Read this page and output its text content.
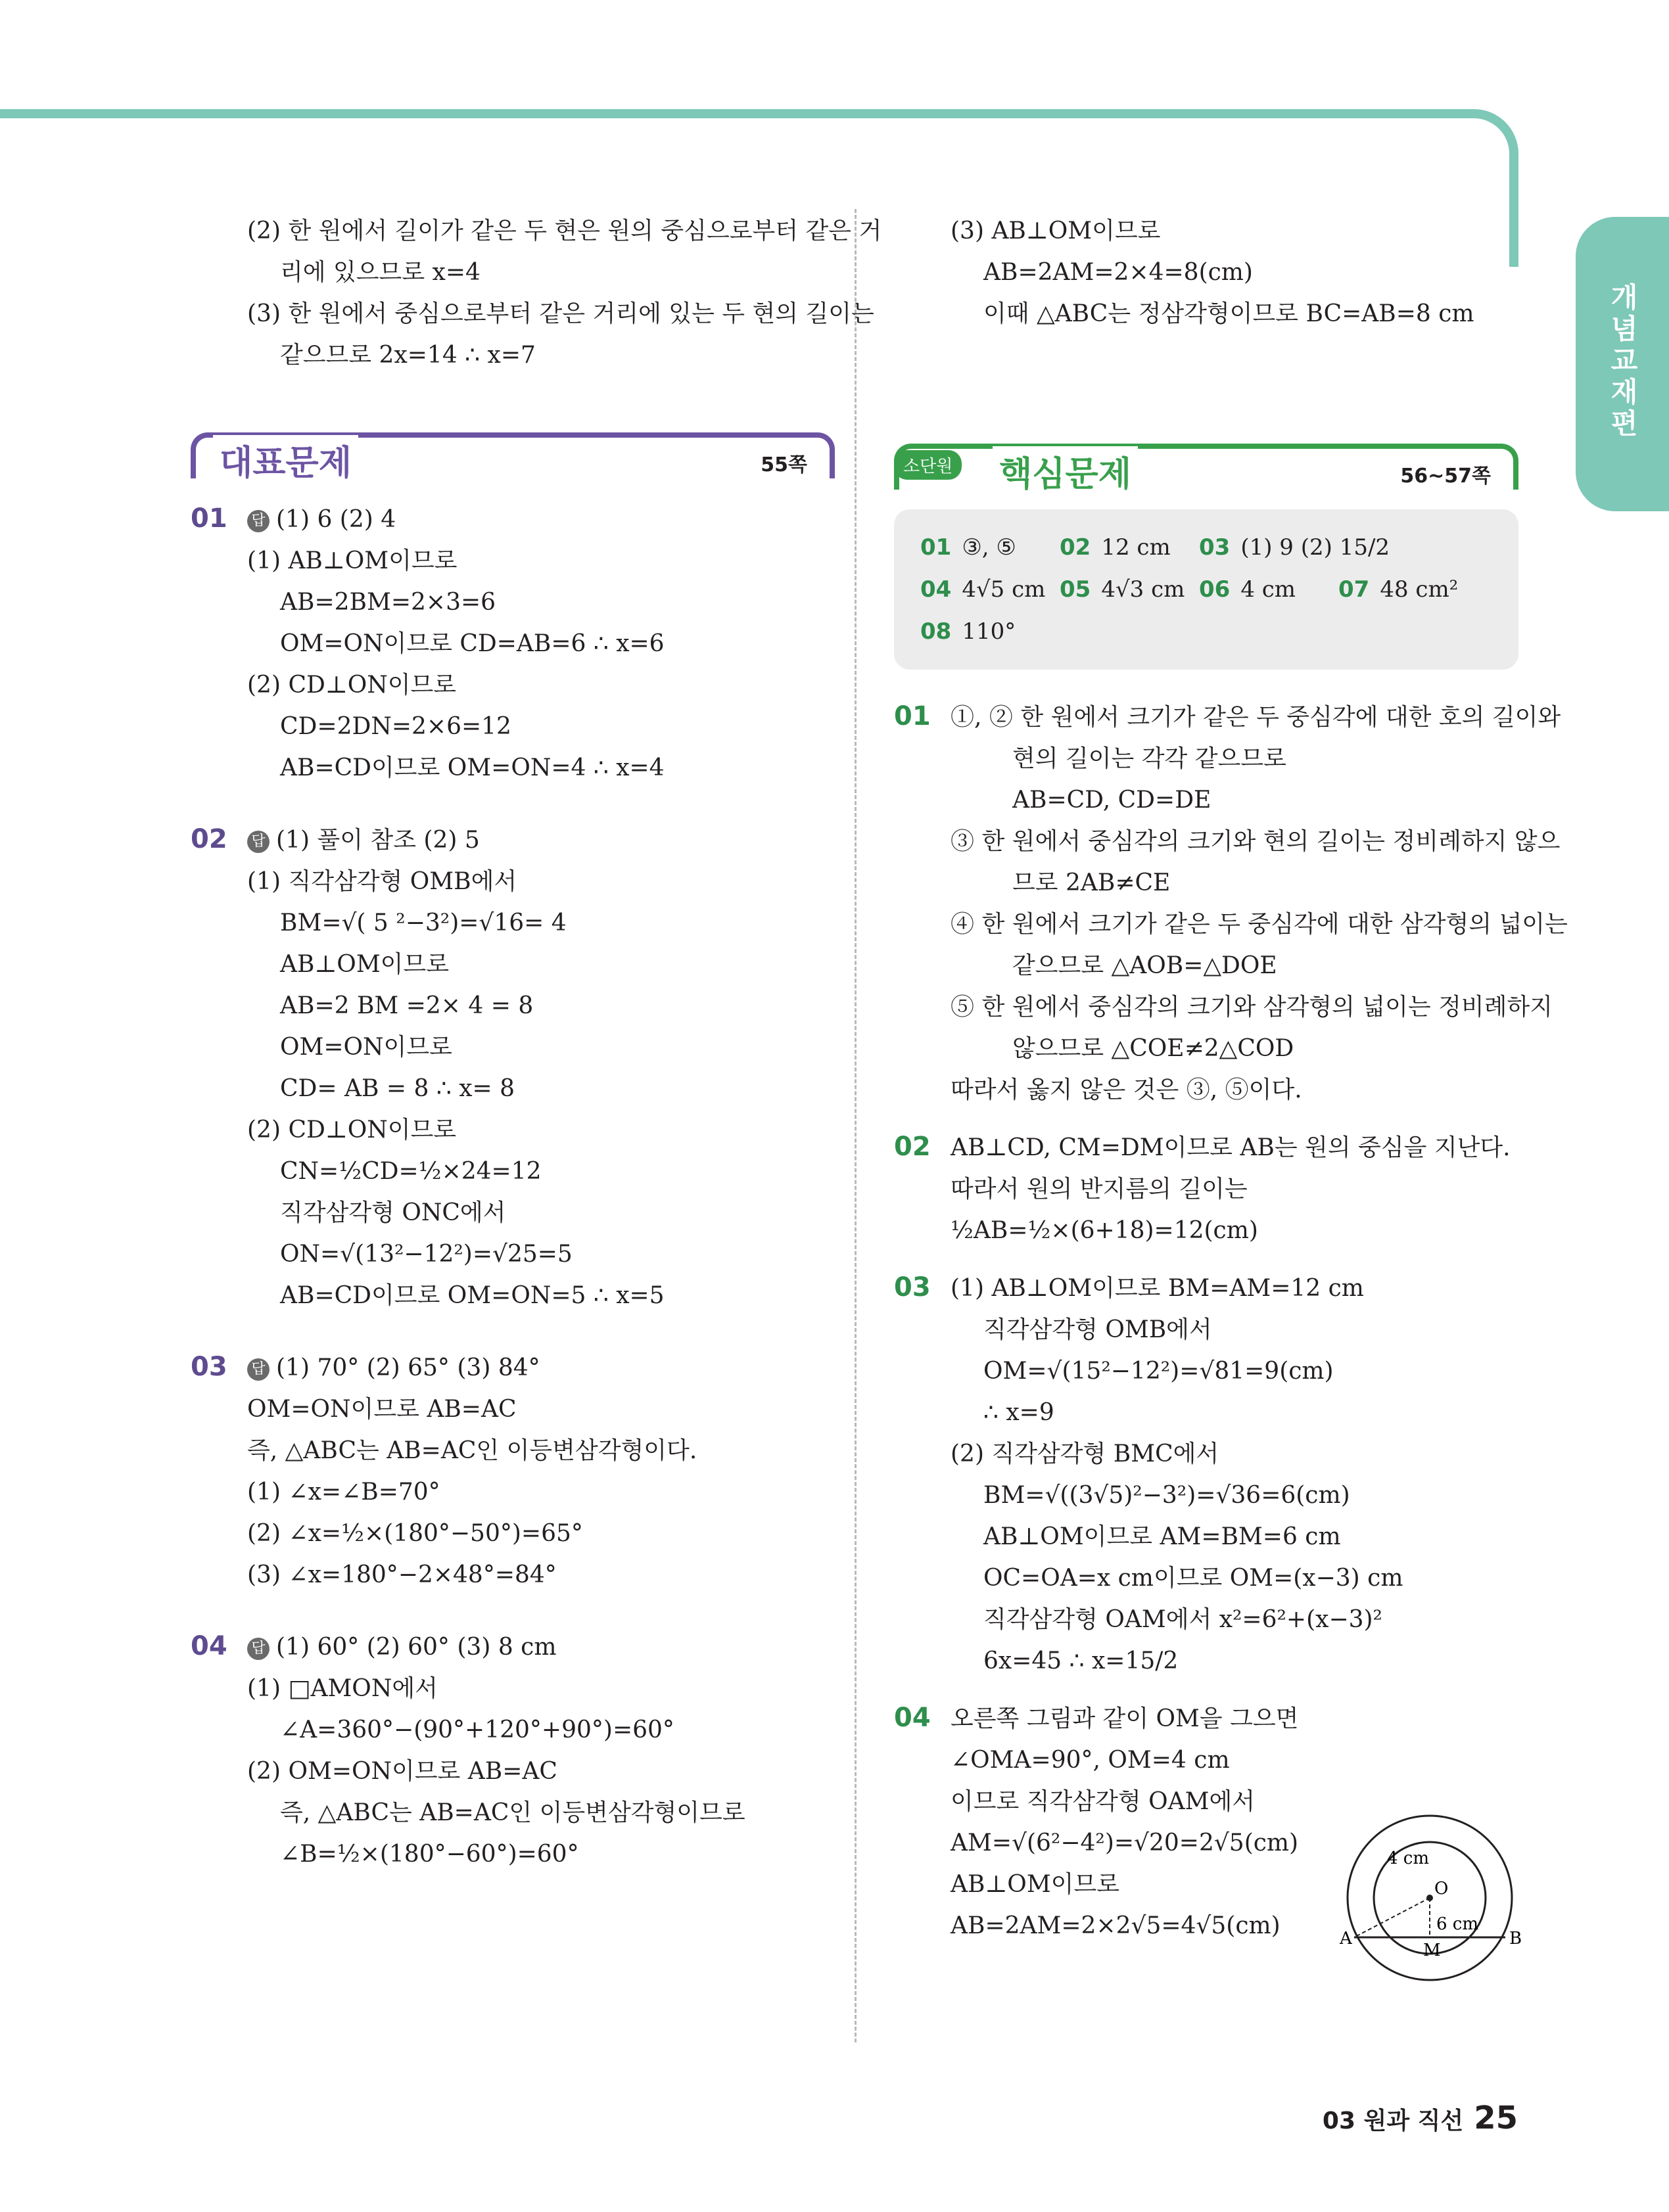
개념교재편
(2) 한 원에서 길이가 같은 두 현은 원의 중심으로부터 같은 거
리에 있으므로 x=4
(3) 한 원에서 중심으로부터 같은 거리에 있는 두 현의 길이는
같으므로 2x=14 ∴ x=7
대표문제	55쪽
01 답 (1) 6 (2) 4
(1) AB⊥OM이므로
AB=2BM=2×3=6
OM=ON이므로 CD=AB=6 ∴ x=6
(2) CD⊥ON이므로
CD=2DN=2×6=12
AB=CD이므로 OM=ON=4 ∴ x=4
02 답 (1) 풀이 참조 (2) 5
(1) 직각삼각형 OMB에서
BM=√( 5 ²−3²)=√16= 4
AB⊥OM이므로
AB=2 BM =2× 4 = 8
OM=ON이므로
CD= AB = 8 ∴ x= 8
(2) CD⊥ON이므로
CN=½CD=½×24=12
직각삼각형 ONC에서
ON=√(13²−12²)=√25=5
AB=CD이므로 OM=ON=5 ∴ x=5
03 답 (1) 70° (2) 65° (3) 84°
OM=ON이므로 AB=AC
즉, △ABC는 AB=AC인 이등변삼각형이다.
(1) ∠x=∠B=70°
(2) ∠x=½×(180°−50°)=65°
(3) ∠x=180°−2×48°=84°
04 답 (1) 60° (2) 60° (3) 8 cm
(1) □AMON에서
∠A=360°−(90°+120°+90°)=60°
(2) OM=ON이므로 AB=AC
즉, △ABC는 AB=AC인 이등변삼각형이므로
∠B=½×(180°−60°)=60°
(3) AB⊥OM이므로
AB=2AM=2×4=8(cm)
이때 △ABC는 정삼각형이므로 BC=AB=8 cm
소단원 핵심문제	56~57쪽
01 ③, ⑤	02 12 cm	03 (1) 9 (2) 15/2
04 4√5 cm 05 4√3 cm 06 4 cm	07 48 cm²
08 110°
01 ①, ② 한 원에서 크기가 같은 두 중심각에 대한 호의 길이와
현의 길이는 각각 같으므로
AB=CD, CD=DE
③ 한 원에서 중심각의 크기와 현의 길이는 정비례하지 않으
므로 2AB≠CE
④ 한 원에서 크기가 같은 두 중심각에 대한 삼각형의 넓이는
같으므로 △AOB=△DOE
⑤ 한 원에서 중심각의 크기와 삼각형의 넓이는 정비례하지
않으므로 △COE≠2△COD
따라서 옳지 않은 것은 ③, ⑤이다.
02 AB⊥CD, CM=DM이므로 AB는 원의 중심을 지난다.
따라서 원의 반지름의 길이는
½AB=½×(6+18)=12(cm)
03 (1) AB⊥OM이므로 BM=AM=12 cm
직각삼각형 OMB에서
OM=√(15²−12²)=√81=9(cm)
∴ x=9
(2) 직각삼각형 BMC에서
BM=√((3√5)²−3²)=√36=6(cm)
AB⊥OM이므로 AM=BM=6 cm
OC=OA=x cm이므로 OM=(x−3) cm
직각삼각형 OAM에서 x²=6²+(x−3)²
6x=45 ∴ x=15/2
04 오른쪽 그림과 같이 OM을 그으면
∠OMA=90°, OM=4 cm
이므로 직각삼각형 OAM에서
AM=√(6²−4²)=√20=2√5(cm)
AB⊥OM이므로
AB=2AM=2×2√5=4√5(cm)
4 cm
6 cm
O
A
M
B
03 원과 직선 25
